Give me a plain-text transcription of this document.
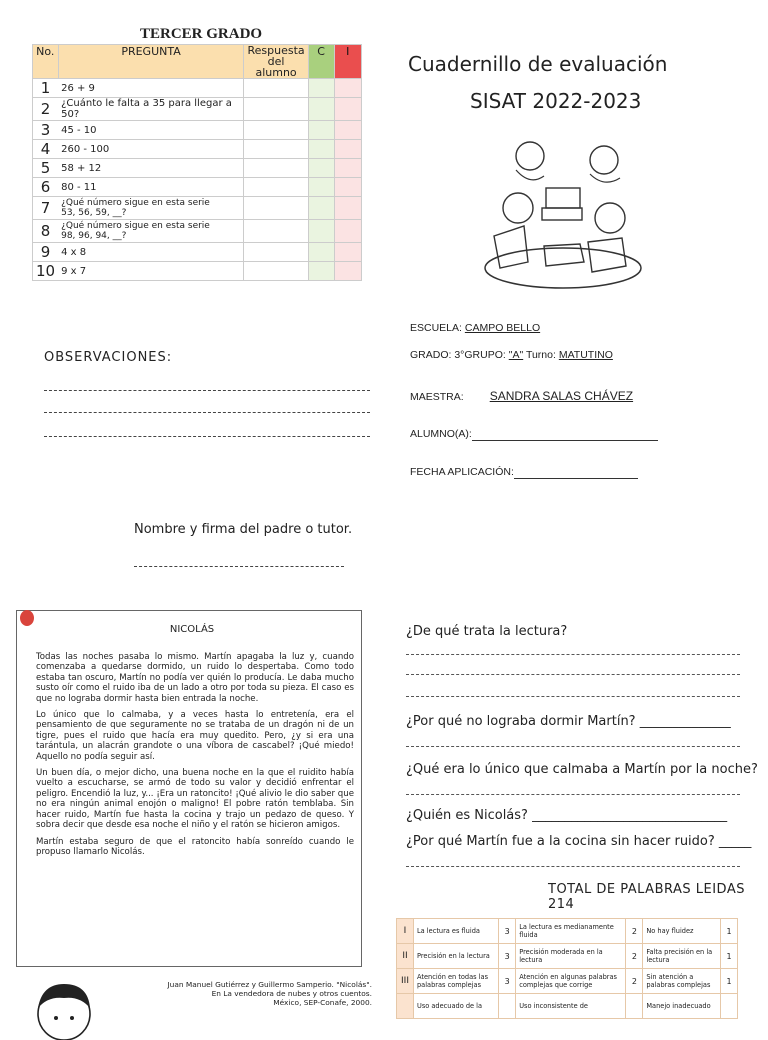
TERCER GRADO
No.	PREGUNTA	Respuesta del alumno	C	I
1	26 + 9			
2	¿Cuánto le falta a 35 para llegar a 50?			
3	45 - 10			
4	260 - 100			
5	58 + 12			
6	80 - 11			
7	¿Qué número sigue en esta serie
53, 56, 59, __?			
8	¿Qué número sigue en esta serie
98, 96, 94, __?			
9	4 x 8			
10	9 x 7			
OBSERVACIONES:
Nombre y firma del padre o tutor.
Cuadernillo de evaluación
SISAT 2022-2023
ESCUELA: CAMPO BELLO
GRADO: 3°GRUPO: "A" Turno: MATUTINO
MAESTRA: SANDRA SALAS CHÁVEZ
ALUMNO(A):
FECHA APLICACIÓN:
NICOLÁS

Todas las noches pasaba lo mismo. Martín apagaba la luz y, cuando comenzaba a quedarse dormido, un ruido lo despertaba. Como todo estaba tan oscuro, Martín no podía ver quién lo producía. Le daba mucho susto oír como el ruido iba de un lado a otro por toda su pieza. El caso es que no lograba dormir hasta bien entrada la noche.

Lo único que lo calmaba, y a veces hasta lo entretenía, era el pensamiento de que seguramente no se trataba de un dragón ni de un tigre, pues el ruido que hacía era muy quedito. Pero, ¿y si era una tarántula, un alacrán grandote o una víbora de cascabel? ¡Qué miedo! Aquello no podía seguir así.

Un buen día, o mejor dicho, una buena noche en la que el ruidito había vuelto a escucharse, se armó de todo su valor y decidió enfrentar el peligro. Encendió la luz, y... ¡Era un ratoncito! ¡Qué alivio le dio saber que no era ningún animal enojón o maligno! El pobre ratón temblaba. Sin hacer ruido, Martín fue hasta la cocina y trajo un pedazo de queso. Y sobra decir que desde esa noche el niño y el ratón se hicieron amigos.

Martín estaba seguro de que el ratoncito había sonreído cuando le propuso llamarlo Nicolás.

Juan Manuel Gutiérrez y Guillermo Samperio. "Nicolás".
En La vendedora de nubes y otros cuentos.
México, SEP-Conafe, 2000.
¿De qué trata la lectura?
¿Por qué no lograba dormir Martín? ______________
¿Qué era lo único que calmaba a Martín por la noche?
¿Quién es Nicolás? ______________________________
¿Por qué Martín fue a la cocina sin hacer ruido? _____
TOTAL DE PALABRAS LEIDAS 214
I	La lectura es fluida	3	La lectura es medianamente fluida	2	No hay fluidez	1
II	Precisión en la lectura	3	Precisión moderada en la lectura	2	Falta precisión en la lectura	1
III	Atención en todas las palabras complejas	3	Atención en algunas palabras complejas que corrige	2	Sin atención a palabras complejas	1
	Uso adecuado de la		Uso inconsistente de		Manejo inadecuado	
